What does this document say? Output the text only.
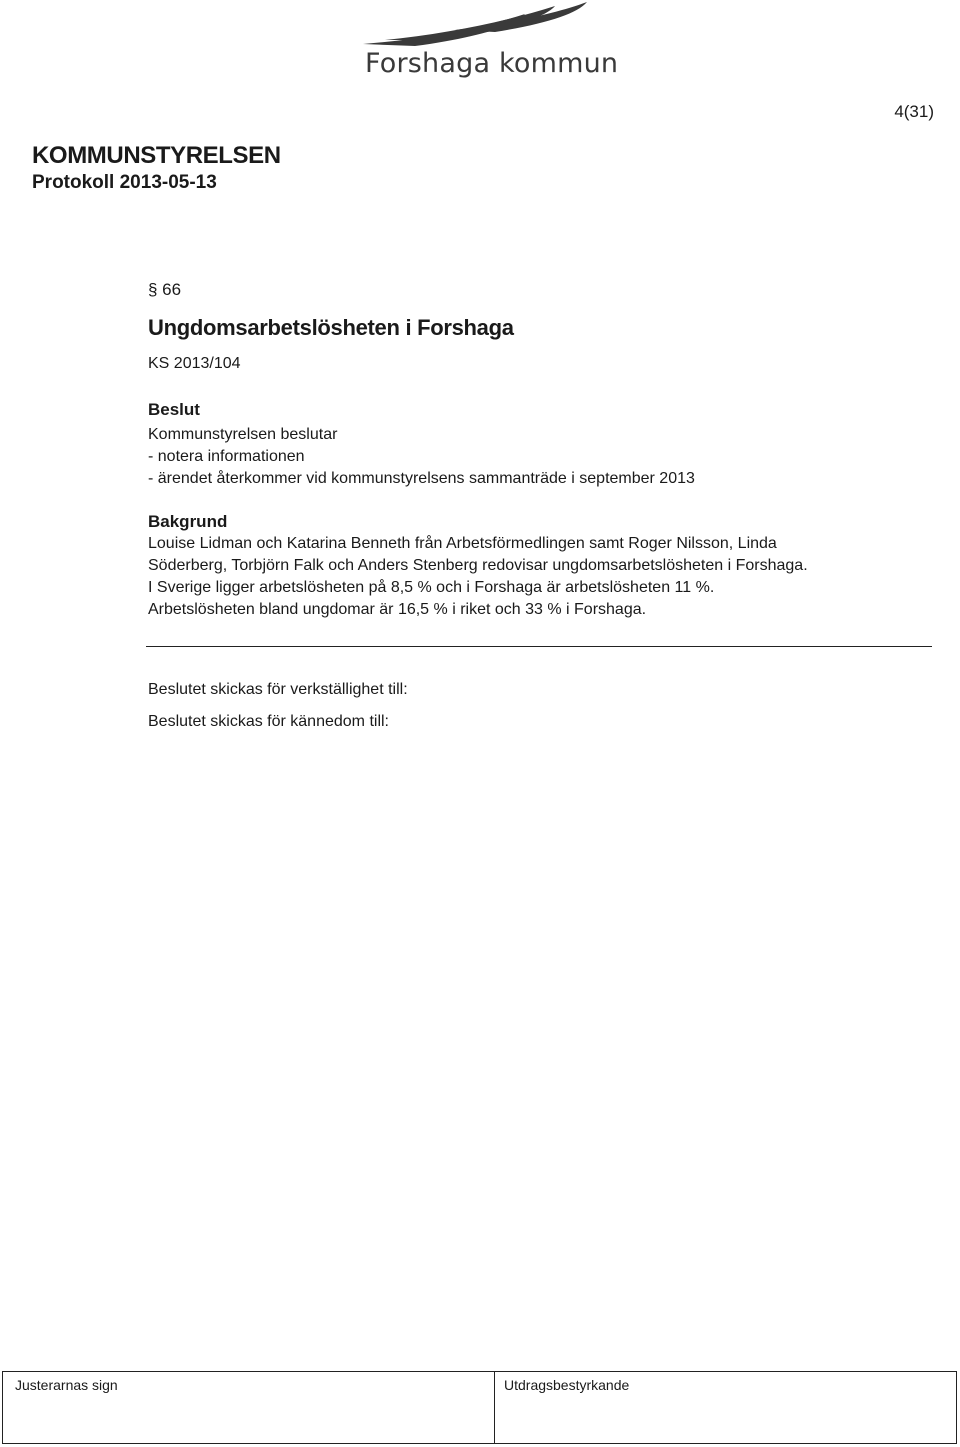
Forshaga kommun
4(31)
KOMMUNSTYRELSEN
Protokoll 2013-05-13
§ 66
Ungdomsarbetslösheten i Forshaga
KS 2013/104
Beslut
Kommunstyrelsen beslutar
- notera informationen
- ärendet återkommer vid kommunstyrelsens sammanträde i september 2013
Bakgrund
Louise Lidman och Katarina Benneth från Arbetsförmedlingen samt Roger Nilsson, Linda
Söderberg, Torbjörn Falk och Anders Stenberg redovisar ungdomsarbetslösheten i Forshaga.
I Sverige ligger arbetslösheten på 8,5 % och i Forshaga är arbetslösheten 11 %.
Arbetslösheten bland ungdomar är 16,5 % i riket och 33 % i Forshaga.
Beslutet skickas för verkställighet till:
Beslutet skickas för kännedom till:
Justerarnas sign	Utdragsbestyrkande
